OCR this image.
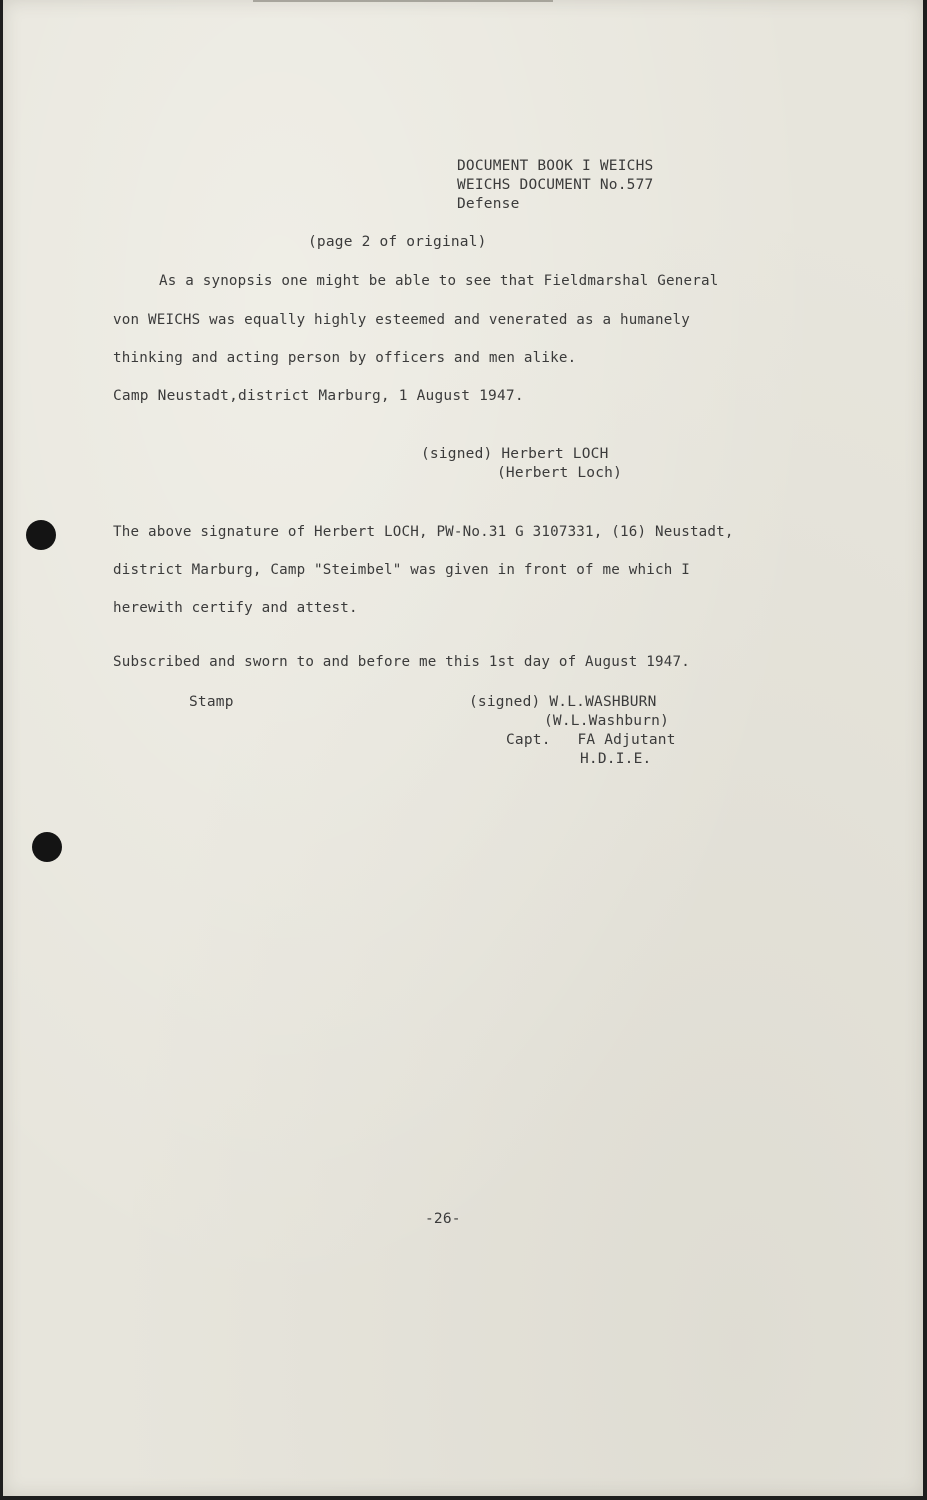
DOCUMENT BOOK I WEICHS

WEICHS DOCUMENT No.577

Defense

(page 2 of original)

As a synopsis one might be able to see that Fieldmarshal General

von WEICHS was equally highly esteemed and venerated as a humanely

thinking and acting person by officers and men alike.

Camp Neustadt,district Marburg, 1 August 1947.

(signed) Herbert LOCH

(Herbert Loch)

The above signature of Herbert LOCH, PW-No.31 G 3107331, (16) Neustadt,

district Marburg, Camp "Steimbel" was given in front of me which I

herewith certify and attest.

Subscribed and sworn to and before me this 1st day of August 1947.

Stamp	(signed) W.L.WASHBURN

(W.L.Washburn)

Capt.   FA Adjutant

H.D.I.E.

-26-
